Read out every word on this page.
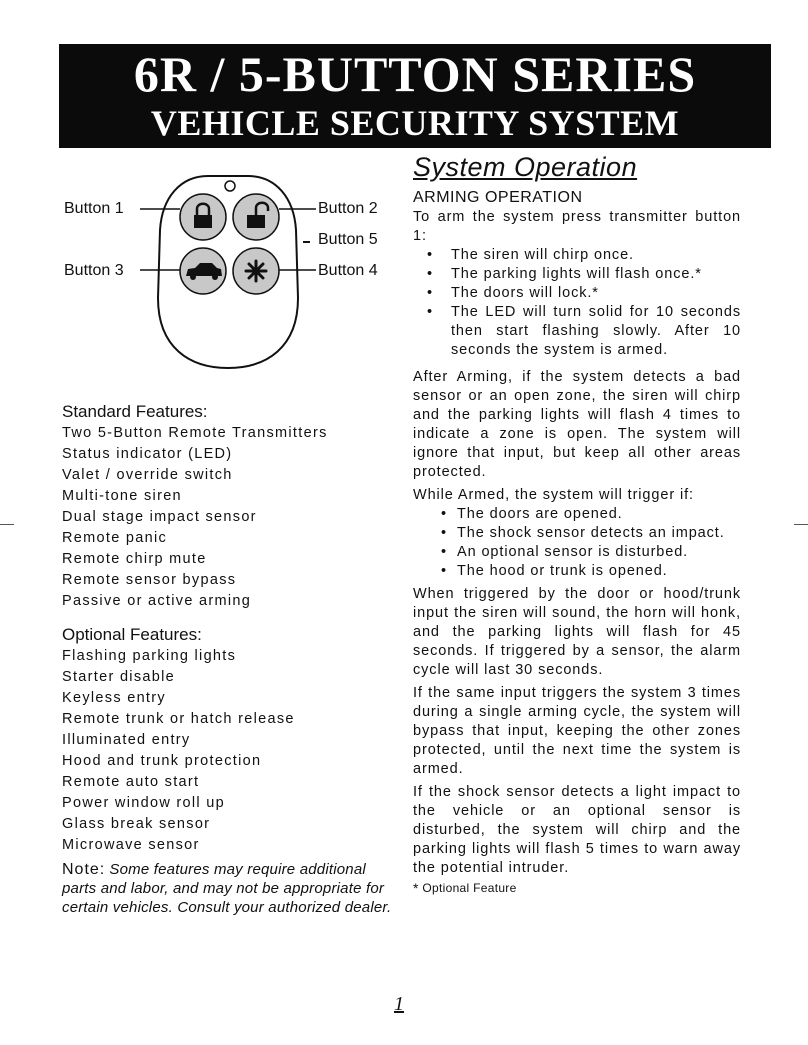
6R / 5-BUTTON SERIES
VEHICLE SECURITY SYSTEM
Button 1	Button 2
Button 5
Button 3	Button 4
Standard Features:
Two 5-Button Remote Transmitters
Status indicator (LED)
Valet / override switch
Multi-tone siren
Dual stage impact sensor
Remote panic
Remote chirp mute
Remote sensor bypass
Passive or active arming
Optional Features:
Flashing parking lights
Starter disable
Keyless entry
Remote trunk or hatch release
Illuminated entry
Hood and trunk protection
Remote auto start
Power window roll up
Glass break sensor
Microwave sensor
Note: Some features may require additional parts and labor, and may not be appropriate for certain vehicles. Consult your authorized dealer.
System Operation
ARMING OPERATION

To arm the system press transmitter button 1:

• The siren will chirp once.
• The parking lights will flash once.*
• The doors will lock.*
• The LED will turn solid for 10 seconds then start flashing slowly. After 10 seconds the system is armed.

After Arming, if the system detects a bad sensor or an open zone, the siren will chirp and the parking lights will flash 4 times to indicate a zone is open. The system will ignore that input, but keep all other areas protected.

While Armed, the system will trigger if:

• The doors are opened.
• The shock sensor detects an impact.
• An optional sensor is disturbed.
• The hood or trunk is opened.

When triggered by the door or hood/trunk input the siren will sound, the horn will honk, and the parking lights will flash for 45 seconds. If triggered by a sensor, the alarm cycle will last 30 seconds.

If the same input triggers the system 3 times during a single arming cycle, the system will bypass that input, keeping the other zones protected, until the next time the system is armed.

If the shock sensor detects a light impact to the vehicle or an optional sensor is disturbed, the system will chirp and the parking lights will flash 5 times to warn away the potential intruder.

* Optional Feature
1
